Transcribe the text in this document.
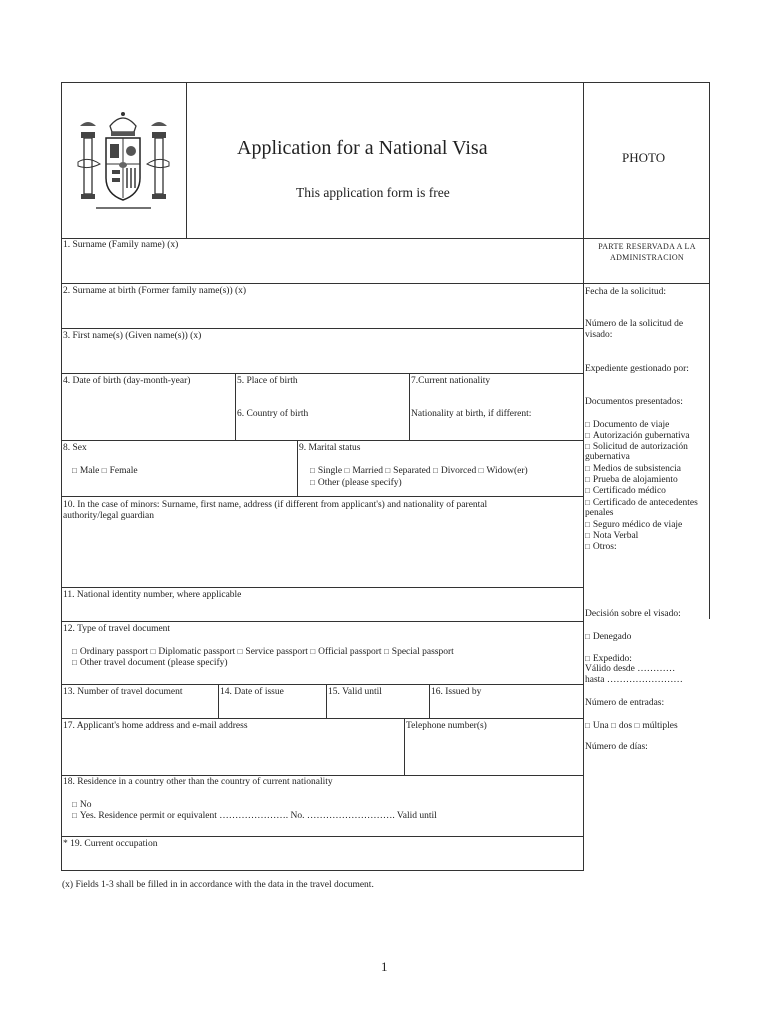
Application for a National Visa
This application form is free
PHOTO
1. Surname (Family name) (x)
2. Surname at birth (Former family name(s)) (x)
3. First name(s) (Given name(s)) (x)
4. Date of birth (day-month-year)	5. Place of birth
6. Country of birth
7.Current nationality
Nationality at birth, if different:
8. Sex
□ Male □ Female
9. Marital status
□ Single □ Married □ Separated □ Divorced □ Widow(er)
□ Other (please specify)
10. In the case of minors: Surname, first name, address (if different from applicant's) and nationality of parental
authority/legal guardian
11. National identity number, where applicable
12. Type of travel document
□ Ordinary passport □ Diplomatic passport □ Service passport □ Official passport □ Special passport
□ Other travel document (please specify)
13. Number of travel document	14. Date of issue	15. Valid until	16. Issued by
17. Applicant's home address and e-mail address	Telephone number(s)
18. Residence in a country other than the country of current nationality
□ No
□ Yes. Residence permit or equivalent …………………. No. ………………………. Valid until
* 19. Current occupation
PARTE RESERVADA A LA
ADMINISTRACION
Fecha de la solicitud:
Número de la solicitud de
visado:
Expediente gestionado por:
Documentos presentados:
□ Documento de viaje
□ Autorización gubernativa
□ Solicitud de autorización
gubernativa
□ Medios de subsistencia
□ Prueba de alojamiento
□ Certificado médico
□ Certificado de antecedentes
penales
□ Seguro médico de viaje
□ Nota Verbal
□ Otros:
Decisión sobre el visado:
□ Denegado
□ Expedido:
Válido desde …………
hasta ……………………
Número de entradas:
□ Una □ dos □ múltiples
Número de días:
(x) Fields 1-3 shall be filled in in accordance with the data in the travel document.
1
